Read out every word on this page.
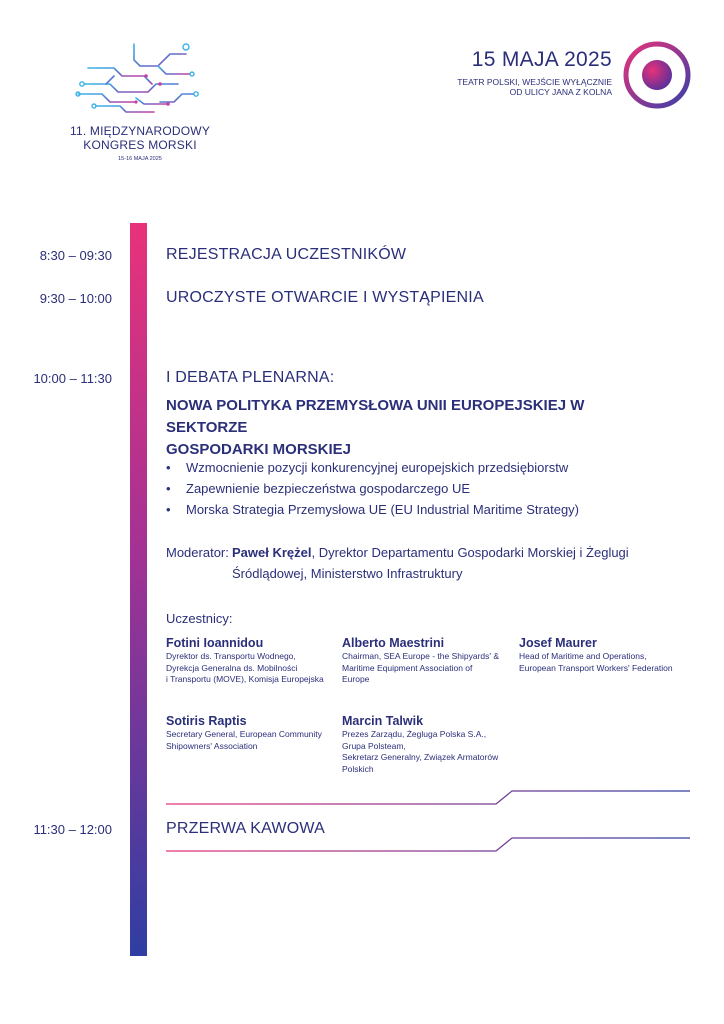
11. MIĘDZYNARODOWY
KONGRES MORSKI
15-16 MAJA 2025
15 MAJA 2025
TEATR POLSKI, WEJŚCIE WYŁĄCZNIE
OD ULICY JANA Z KOLNA
8:30 – 09:30	REJESTRACJA UCZESTNIKÓW
9:30 – 10:00	UROCZYSTE OTWARCIE I WYSTĄPIENIA
10:00 – 11:30	I DEBATA PLENARNA:
NOWA POLITYKA PRZEMYSŁOWA UNII EUROPEJSKIEJ W SEKTORZE
GOSPODARKI MORSKIEJ
•	Wzmocnienie pozycji konkurencyjnej europejskich przedsiębiorstw
•	Zapewnienie bezpieczeństwa gospodarczego UE
•	Morska Strategia Przemysłowa UE (EU Industrial Maritime Strategy)
Moderator: Paweł Krężel, Dyrektor Departamentu Gospodarki Morskiej i Żeglugi Śródlądowej, Ministerstwo Infrastruktury
Uczestnicy:
Fotini Ioannidou
Dyrektor ds. Transportu Wodnego,
Dyrekcja Generalna ds. Mobilności
i Transportu (MOVE), Komisja Europejska
Alberto Maestrini
Chairman, SEA Europe - the Shipyards' &
Maritime Equipment Association of
Europe
Josef Maurer
Head of Maritime and Operations,
European Transport Workers' Federation
Sotiris Raptis
Secretary General, European Community
Shipowners' Association
Marcin Talwik
Prezes Zarządu, Żegluga Polska S.A.,
Grupa Polsteam,
Sekretarz Generalny, Związek Armatorów
Polskich
11:30 – 12:00	PRZERWA KAWOWA
